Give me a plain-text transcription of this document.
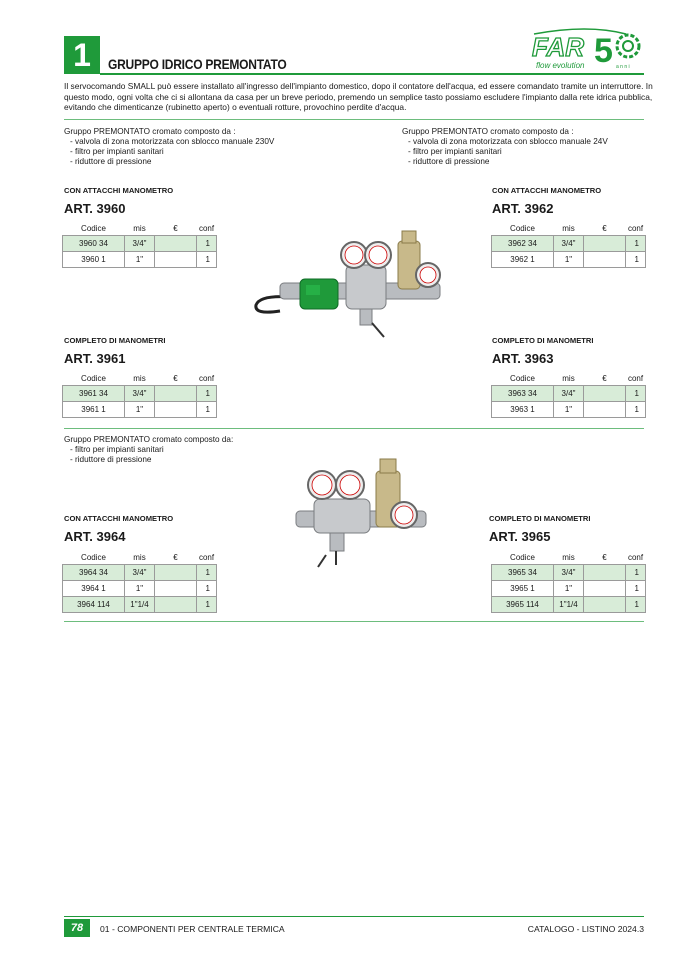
1	GRUPPO IDRICO PREMONTATO
FAR 5
flow evolution	a n n i
Il servocomando SMALL può essere installato all'ingresso dell'impianto domestico, dopo il contatore dell'acqua, ed essere comandato tramite un interruttore. In questo modo, ogni volta che ci si allontana da casa per un breve periodo, premendo un semplice tasto possiamo escludere l'impianto dalla rete idrica pubblica, evitando che dimenticanze (rubinetto aperto) o eventuali rotture, provochino perdite d'acqua.
Gruppo PREMONTATO cromato composto da :
- valvola di zona motorizzata con sblocco manuale 230V
- filtro per impianti sanitari
- riduttore di pressione
Gruppo PREMONTATO cromato composto da :
- valvola di zona motorizzata con sblocco manuale 24V
- filtro per impianti sanitari
- riduttore di pressione
CON ATTACCHI MANOMETRO
ART. 3960
Codice	mis	€	conf
3960 34	3/4"		1
3960 1	1"		1
CON ATTACCHI MANOMETRO
ART. 3962
Codice	mis	€	conf
3962 34	3/4"		1
3962 1	1"		1
COMPLETO DI MANOMETRI
ART. 3961
Codice	mis	€	conf
3961 34	3/4"		1
3961 1	1"		1
COMPLETO DI MANOMETRI
ART. 3963
Codice	mis	€	conf
3963 34	3/4"		1
3963 1	1"		1
Gruppo PREMONTATO cromato composto da:
- filtro per impianti sanitari
- riduttore di pressione
CON ATTACCHI MANOMETRO
ART. 3964
Codice	mis	€	conf
3964 34	3/4"		1
3964 1	1"		1
3964 114	1"1/4		1
COMPLETO DI MANOMETRI
ART. 3965
Codice	mis	€	conf
3965 34	3/4"		1
3965 1	1"		1
3965 114	1"1/4		1
78	01 - COMPONENTI PER CENTRALE TERMICA	CATALOGO - LISTINO 2024.3
